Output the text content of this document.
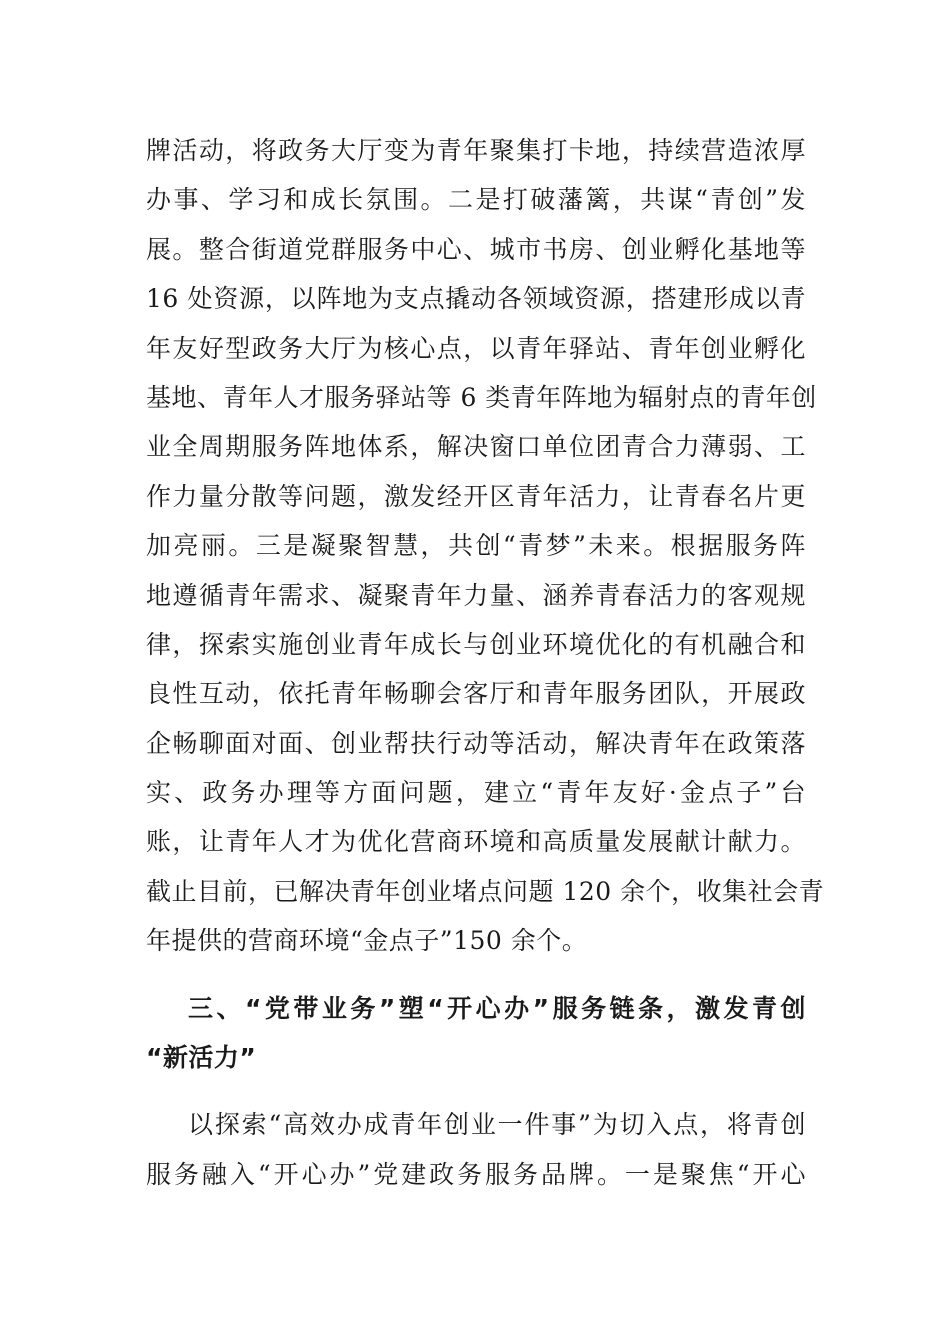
牌活动，将政务大厅变为青年聚集打卡地，持续营造浓厚
办事、学习和成长氛围。二是打破藩篱，共谋“青创”发
展。整合街道党群服务中心、城市书房、创业孵化基地等
16 处资源，以阵地为支点撬动各领域资源，搭建形成以青
年友好型政务大厅为核心点，以青年驿站、青年创业孵化
基地、青年人才服务驿站等 6 类青年阵地为辐射点的青年创
业全周期服务阵地体系，解决窗口单位团青合力薄弱、工
作力量分散等问题，激发经开区青年活力，让青春名片更
加亮丽。三是凝聚智慧，共创“青梦”未来。根据服务阵
地遵循青年需求、凝聚青年力量、涵养青春活力的客观规
律，探索实施创业青年成长与创业环境优化的有机融合和
良性互动，依托青年畅聊会客厅和青年服务团队，开展政
企畅聊面对面、创业帮扶行动等活动，解决青年在政策落
实、政务办理等方面问题，建立“青年友好·金点子”台
账，让青年人才为优化营商环境和高质量发展献计献力。
截止目前，已解决青年创业堵点问题 120 余个，收集社会青
年提供的营商环境“金点子”150 余个。
三、“党带业务”塑“开心办”服务链条，激发青创
“新活力”
以探索“高效办成青年创业一件事”为切入点，将青创
服务融入“开心办”党建政务服务品牌。一是聚焦“开心
